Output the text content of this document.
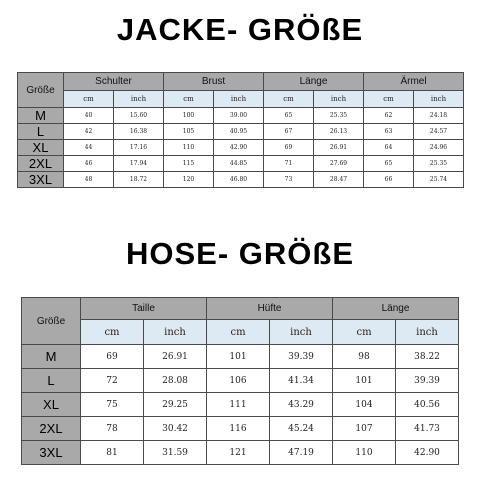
JACKE- GRÖßE
Größe	Schulter		Brust		Länge		Ärmel	
	cm	inch	cm	inch	cm	inch	cm	inch
M	40	15.60	100	39.00	65	25.35	62	24.18
L	42	16.38	105	40.95	67	26.13	63	24.57
XL	44	17.16	110	42.90	69	26.91	64	24.96
2XL	46	17.94	115	44.85	71	27.69	65	25.35
3XL	48	18.72	120	46.80	73	28.47	66	25.74
HOSE- GRÖßE
Größe	Taille		Hüfte		Länge	
	cm	inch	cm	inch	cm	inch
M	69	26.91	101	39.39	98	38.22
L	72	28.08	106	41.34	101	39.39
XL	75	29.25	111	43.29	104	40.56
2XL	78	30.42	116	45.24	107	41.73
3XL	81	31.59	121	47.19	110	42.90
